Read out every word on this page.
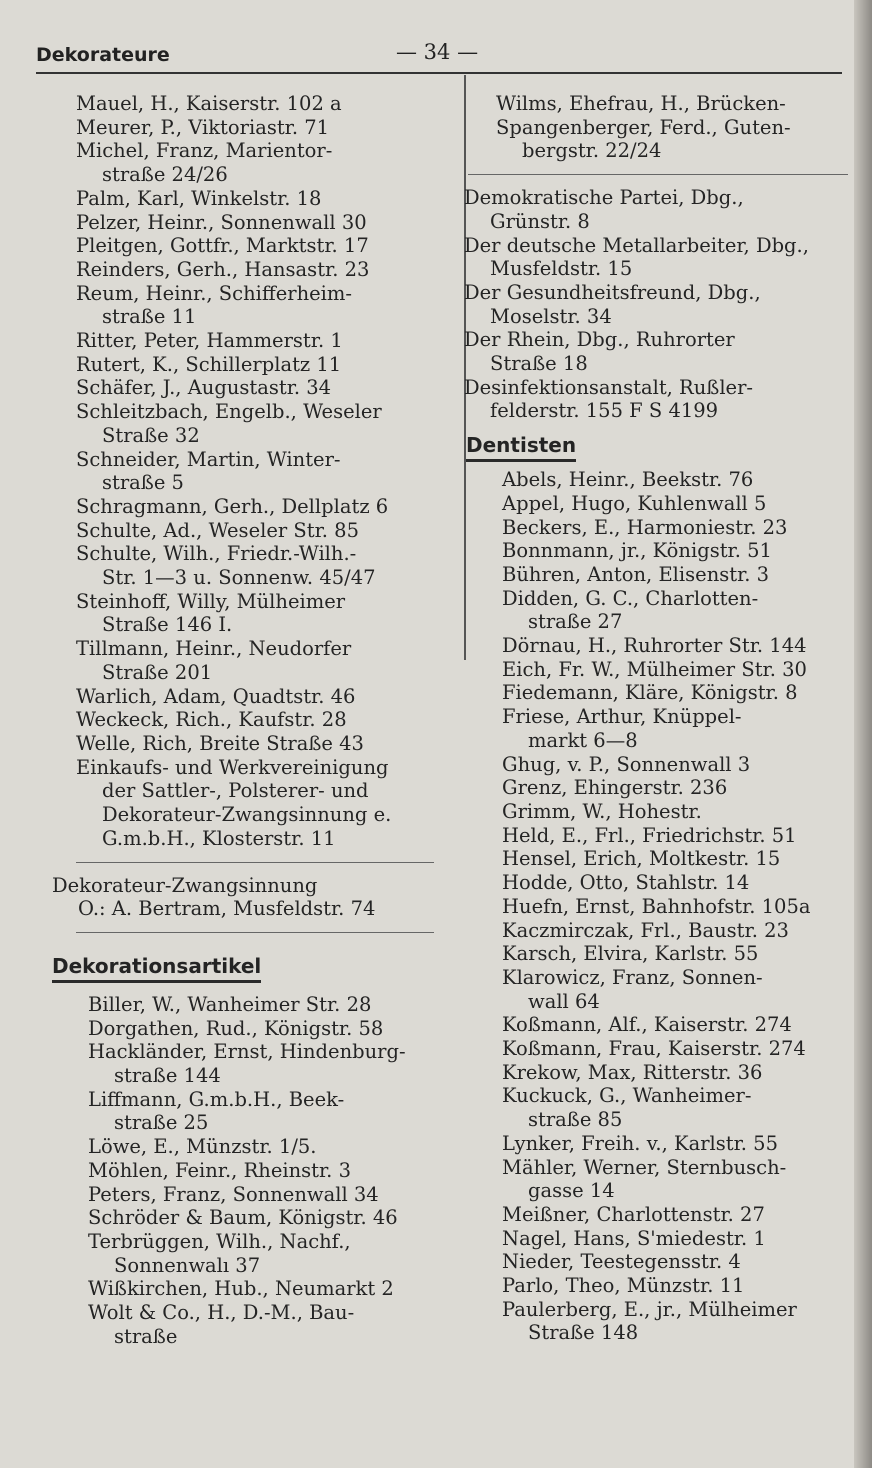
Dekorateure	— 34 —
Mauel, H., Kaiserstr. 102 a
Meurer, P., Viktoriastr. 71
Michel, Franz, Marientor-
straße 24/26
Palm, Karl, Winkelstr. 18
Pelzer, Heinr., Sonnenwall 30
Pleitgen, Gottfr., Marktstr. 17
Reinders, Gerh., Hansastr. 23
Reum, Heinr., Schifferheim-
straße 11
Ritter, Peter, Hammerstr. 1
Rutert, K., Schillerplatz 11
Schäfer, J., Augustastr. 34
Schleitzbach, Engelb., Weseler
Straße 32
Schneider, Martin, Winter-
straße 5
Schragmann, Gerh., Dellplatz 6
Schulte, Ad., Weseler Str. 85
Schulte, Wilh., Friedr.-Wilh.-
Str. 1—3 u. Sonnenw. 45/47
Steinhoff, Willy, Mülheimer
Straße 146 I.
Tillmann, Heinr., Neudorfer
Straße 201
Warlich, Adam, Quadtstr. 46
Weckeck, Rich., Kaufstr. 28
Welle, Rich, Breite Straße 43
Einkaufs- und Werkvereinigung
der Sattler-, Polsterer- und
Dekorateur-Zwangsinnung e.
G.m.b.H., Klosterstr. 11
Dekorateur-Zwangsinnung
O.: A. Bertram, Musfeldstr. 74
Dekorationsartikel
Biller, W., Wanheimer Str. 28
Dorgathen, Rud., Königstr. 58
Hackländer, Ernst, Hindenburg-
straße 144
Liffmann, G.m.b.H., Beek-
straße 25
Löwe, E., Münzstr. 1/5.
Möhlen, Feinr., Rheinstr. 3
Peters, Franz, Sonnenwall 34
Schröder & Baum, Königstr. 46
Terbrüggen, Wilh., Nachf.,
Sonnenwalı 37
Wißkirchen, Hub., Neumarkt 2
Wolt & Co., H., D.-M., Bau-
straße
Wilms, Ehefrau, H., Brücken-
Spangenberger, Ferd., Guten-
bergstr. 22/24
Demokratische Partei, Dbg.,
Grünstr. 8
Der deutsche Metallarbeiter, Dbg.,
Musfeldstr. 15
Der Gesundheitsfreund, Dbg.,
Moselstr. 34
Der Rhein, Dbg., Ruhrorter
Straße 18
Desinfektionsanstalt, Rußler-
felderstr. 155 F S 4199
Dentisten
Abels, Heinr., Beekstr. 76
Appel, Hugo, Kuhlenwall 5
Beckers, E., Harmoniestr. 23
Bonnmann, jr., Königstr. 51
Bühren, Anton, Elisenstr. 3
Didden, G. C., Charlotten-
straße 27
Dörnau, H., Ruhrorter Str. 144
Eich, Fr. W., Mülheimer Str. 30
Fiedemann, Kläre, Königstr. 8
Friese, Arthur, Knüppel-
markt 6—8
Ghug, v. P., Sonnenwall 3
Grenz, Ehingerstr. 236
Grimm, W., Hohestr.
Held, E., Frl., Friedrichstr. 51
Hensel, Erich, Moltkestr. 15
Hodde, Otto, Stahlstr. 14
Huefn, Ernst, Bahnhofstr. 105a
Kaczmirczak, Frl., Baustr. 23
Karsch, Elvira, Karlstr. 55
Klarowicz, Franz, Sonnen-
wall 64
Koßmann, Alf., Kaiserstr. 274
Koßmann, Frau, Kaiserstr. 274
Krekow, Max, Ritterstr. 36
Kuckuck, G., Wanheimer-
straße 85
Lynker, Freih. v., Karlstr. 55
Mähler, Werner, Sternbusch-
gasse 14
Meißner, Charlottenstr. 27
Nagel, Hans, S'miedestr. 1
Nieder, Teestegensstr. 4
Parlo, Theo, Münzstr. 11
Paulerberg, E., jr., Mülheimer
Straße 148
